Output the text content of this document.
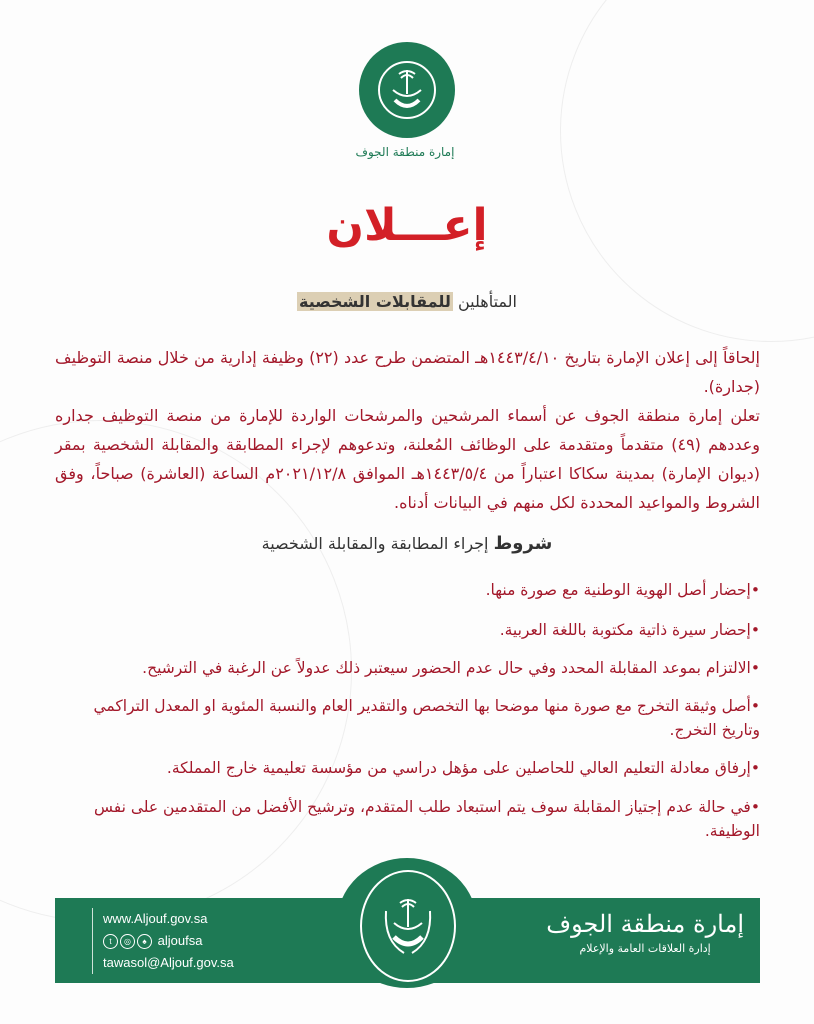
إمارة منطقة الجوف
إعـــلان
المتأهلين للمقابلات الشخصية
إلحاقاً إلى إعلان الإمارة بتاريخ ١٤٤٣/٤/١٠هـ المتضمن طرح عدد (٢٢) وظيفة إدارية من خلال منصة التوظيف (جدارة).
تعلن إمارة منطقة الجوف عن أسماء المرشحين والمرشحات الواردة للإمارة من منصة التوظيف جداره وعددهم (٤٩) متقدماً ومتقدمة على الوظائف المُعلنة، وتدعوهم لإجراء المطابقة والمقابلة الشخصية بمقر (ديوان الإمارة) بمدينة سكاكا اعتباراً من ١٤٤٣/٥/٤هـ الموافق ٢٠٢١/١٢/٨م الساعة (العاشرة) صباحاً، وفق الشروط والمواعيد المحددة لكل منهم في البيانات أدناه.
شروط إجراء المطابقة والمقابلة الشخصية
•إحضار أصل الهوية الوطنية مع صورة منها.
•إحضار سيرة ذاتية مكتوبة باللغة العربية.
•الالتزام بموعد المقابلة المحدد وفي حال عدم الحضور سيعتبر ذلك عدولاً عن الرغبة في الترشيح.
•أصل وثيقة التخرج مع صورة منها موضحا بها التخصص والتقدير العام والنسبة المئوية او المعدل التراكمي وتاريخ التخرج.
•إرفاق معادلة التعليم العالي للحاصلين على مؤهل دراسي من مؤسسة تعليمية خارج المملكة.
•في حالة عدم إجتياز المقابلة سوف يتم استبعاد طلب المتقدم، وترشيح الأفضل من المتقدمين على نفس الوظيفة.
www.Aljouf.gov.sa
t ◎ ♠ aljoufsa
tawasol@Aljouf.gov.sa
إمارة منطقة الجوف
إدارة العلاقات العامة والإعلام
